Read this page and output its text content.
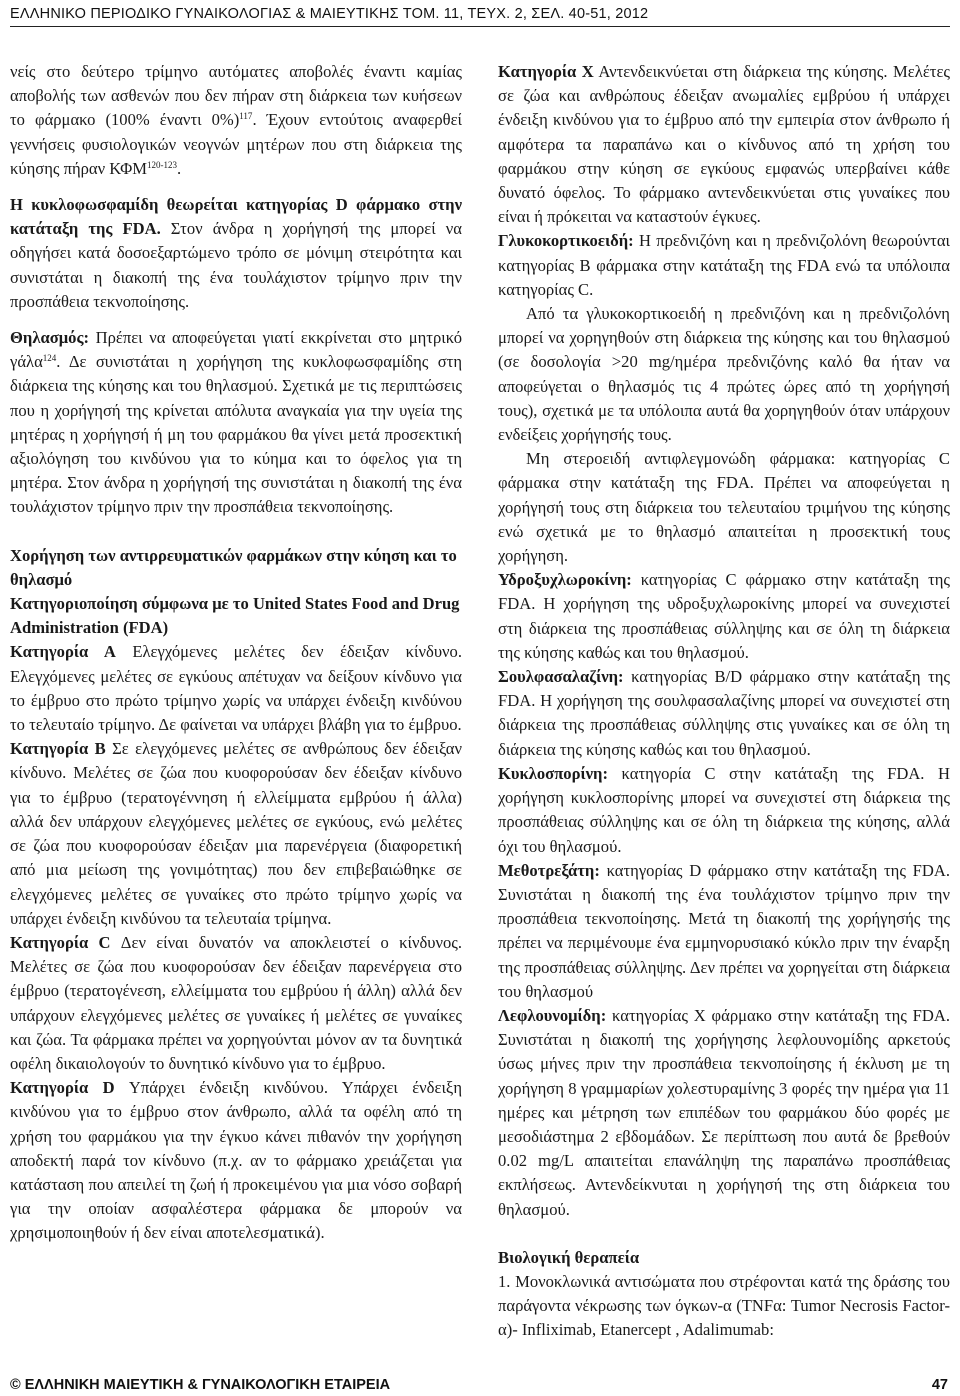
ΕΛΛΗΝΙΚΟ ΠΕΡΙΟΔΙΚΟ ΓΥΝΑΙΚΟΛΟΓΙΑΣ & ΜΑΙΕΥΤΙΚΗΣ ΤΟΜ. 11, ΤΕΥΧ. 2, ΣΕΛ. 40-51, 2012

νείς στο δεύτερο τρίμηνο αυτόματες αποβολές έναντι καμίας αποβολής των ασθενών που δεν πήραν στη διάρκεια των κυήσεων το φάρμακο (100% έναντι 0%)$^{117}$. Έχουν εντούτοις αναφερθεί γεννήσεις φυσιολογικών νεογνών μητέρων που στη διάρκεια της κύησης πήραν ΚΦΜ$^{120-123}$.

Η κυκλοφωσφαμίδη θεωρείται κατηγορίας D φάρμακο στην κατάταξη της FDA. Στον άνδρα η χορήγησή της μπορεί να οδηγήσει κατά δοσοεξαρτώμενο τρόπο σε μόνιμη στειρότητα και συνιστάται η διακοπή της ένα τουλάχιστον τρίμηνο πριν την προσπάθεια τεκνοποίησης.

Θηλασμός: Πρέπει να αποφεύγεται γιατί εκκρίνεται στο μητρικό γάλα$^{124}$. Δε συνιστάται η χορήγηση της κυκλοφωσφαμίδης στη διάρκεια της κύησης και του θηλασμού. Σχετικά με τις περιπτώσεις που η χορήγησή της κρίνεται απόλυτα αναγκαία για την υγεία της μητέρας η χορήγησή ή μη του φαρμάκου θα γίνει μετά προσεκτική αξιολόγηση του κινδύνου για το κύημα και το όφελος για τη μητέρα. Στον άνδρα η χορήγησή της συνιστάται η διακοπή της ένα τουλάχιστον τρίμηνο πριν την προσπάθεια τεκνοποίησης.

Χορήγηση των αντιρρευματικών φαρμάκων στην κύηση και το θηλασμό

Κατηγοριοποίηση σύμφωνα με το United States Food and Drug Administration (FDA)

Κατηγορία Α Ελεγχόμενες μελέτες δεν έδειξαν κίνδυνο. Ελεγχόμενες μελέτες σε εγκύους απέτυχαν να δείξουν κίνδυνο για το έμβρυο στο πρώτο τρίμηνο χωρίς να υπάρχει ένδειξη κινδύνου το τελευταίο τρίμηνο. Δε φαίνεται να υπάρχει βλάβη για το έμβρυο.

Κατηγορία Β Σε ελεγχόμενες μελέτες σε ανθρώπους δεν έδειξαν κίνδυνο. Μελέτες σε ζώα που κυοφορούσαν δεν έδειξαν κίνδυνο για το έμβρυο (τερατογέννηση ή ελλείμματα εμβρύου ή άλλα) αλλά δεν υπάρχουν ελεγχόμενες μελέτες σε εγκύους, ενώ μελέτες σε ζώα που κυοφορούσαν έδειξαν μια παρενέργεια (διαφορετική από μια μείωση της γονιμότητας) που δεν επιβεβαιώθηκε σε ελεγχόμενες μελέτες σε γυναίκες στο πρώτο τρίμηνο χωρίς να υπάρχει ένδειξη κινδύνου τα τελευταία τρίμηνα.

Κατηγορία C Δεν είναι δυνατόν να αποκλειστεί ο κίνδυνος. Μελέτες σε ζώα που κυοφορούσαν δεν έδειξαν παρενέργεια στο έμβρυο (τερατογένεση, ελλείμματα του εμβρύου ή άλλη) αλλά δεν υπάρχουν ελεγχόμενες μελέτες σε γυναίκες ή μελέτες σε γυναίκες και ζώα. Τα φάρμακα πρέπει να χορηγούνται μόνον αν τα δυνητικά οφέλη δικαιολογούν το δυνητικό κίνδυνο για το έμβρυο.

Κατηγορία D Υπάρχει ένδειξη κινδύνου. Υπάρχει ένδειξη κινδύνου για το έμβρυο στον άνθρωπο, αλλά τα οφέλη από τη χρήση του φαρμάκου για την έγκυο κάνει πιθανόν την χορήγηση αποδεκτή παρά τον κίνδυνο (π.χ. αν το φάρμακο χρειάζεται για κατάσταση που απειλεί τη ζωή ή προκειμένου για μια νόσο σοβαρή για την οποίαν ασφαλέστερα φάρμακα δε μπορούν να χρησιμοποιηθούν ή δεν είναι αποτελεσματικά).

Κατηγορία Χ Αντενδεικνύεται στη διάρκεια της κύησης. Μελέτες σε ζώα και ανθρώπους έδειξαν ανωμαλίες εμβρύου ή υπάρχει ένδειξη κινδύνου για το έμβρυο από την εμπειρία στον άνθρωπο ή αμφότερα τα παραπάνω και ο κίνδυνος από τη χρήση του φαρμάκου στην κύηση σε εγκύους εμφανώς υπερβαίνει κάθε δυνατό όφελος. Το φάρμακο αντενδεικνύεται στις γυναίκες που είναι ή πρόκειται να καταστούν έγκυες.

Γλυκοκορτικοειδή: Η πρεδνιζόνη και η πρεδνιζολόνη θεωρούνται κατηγορίας B φάρμακα στην κατάταξη της FDA ενώ τα υπόλοιπα κατηγορίας C.

Από τα γλυκοκορτικοειδή η πρεδνιζόνη και η πρεδνιζολόνη μπορεί να χορηγηθούν στη διάρκεια της κύησης και του θηλασμού (σε δοσολογία >20 mg/ημέρα πρεδνιζόνης καλό θα ήταν να αποφεύγεται ο θηλασμός τις 4 πρώτες ώρες από τη χορήγησή τους), σχετικά με τα υπόλοιπα αυτά θα χορηγηθούν όταν υπάρχουν ενδείξεις χορήγησής τους.

Μη στεροειδή αντιφλεγμονώδη φάρμακα: κατηγορίας C φάρμακα στην κατάταξη της FDA. Πρέπει να αποφεύγεται η χορήγησή τους στη διάρκεια του τελευταίου τριμήνου της κύησης ενώ σχετικά με το θηλασμό απαιτείται η προσεκτική τους χορήγηση.

Υδροξυχλωροκίνη: κατηγορίας C φάρμακο στην κατάταξη της FDA. Η χορήγηση της υδροξυχλωροκίνης μπορεί να συνεχιστεί στη διάρκεια της προσπάθειας σύλληψης και σε όλη τη διάρκεια της κύησης καθώς και του θηλασμού.

Σουλφασαλαζίνη: κατηγορίας B/D φάρμακο στην κατάταξη της FDA. Η χορήγηση της σουλφασαλαζίνης μπορεί να συνεχιστεί στη διάρκεια της προσπάθειας σύλληψης στις γυναίκες και σε όλη τη διάρκεια της κύησης καθώς και του θηλασμού.

Κυκλοσπορίνη: κατηγορία C στην κατάταξη της FDA. Η χορήγηση κυκλοσπορίνης μπορεί να συνεχιστεί στη διάρκεια της προσπάθειας σύλληψης και σε όλη τη διάρκεια της κύησης, αλλά όχι του θηλασμού.

Μεθοτρεξάτη: κατηγορίας D φάρμακο στην κατάταξη της FDA. Συνιστάται η διακοπή της ένα τουλάχιστον τρίμηνο πριν την προσπάθεια τεκνοποίησης. Μετά τη διακοπή της χορήγησής της πρέπει να περιμένουμε ένα εμμηνορυσιακό κύκλο πριν την έναρξη της προσπάθειας σύλληψης. Δεν πρέπει να χορηγείται στη διάρκεια του θηλασμού

Λεφλουνομίδη: κατηγορίας Χ φάρμακο στην κατάταξη της FDA. Συνιστάται η διακοπή της χορήγησης λεφλουνομίδης αρκετούς ύσως μήνες πριν την προσπάθεια τεκνοποίησης ή έκλυση με τη χορήγηση 8 γραμμαρίων χολεστυραμίνης 3 φορές την ημέρα για 11 ημέρες και μέτρηση των επιπέδων του φαρμάκου δύο φορές με μεσοδιάστημα 2 εβδομάδων. Σε περίπτωση που αυτά δε βρεθούν 0.02 mg/L απαιτείται επανάληψη της παραπάνω προσπάθειας εκπλήσεως. Αντενδείκνυται η χορήγησή της στη διάρκεια του θηλασμού.

Βιολογική θεραπεία

1. Μονοκλωνικά αντισώματα που στρέφονται κατά της δράσης του παράγοντα νέκρωσης των όγκων-α (TNFα: Tumor Necrosis Factor-α)- Infliximab, Etanercept , Adalimumab:

© ΕΛΛΗΝΙΚΗ ΜΑΙΕΥΤΙΚΗ & ΓΥΝΑΙΚΟΛΟΓΙΚΗ ΕΤΑΙΡΕΙΑ	47
